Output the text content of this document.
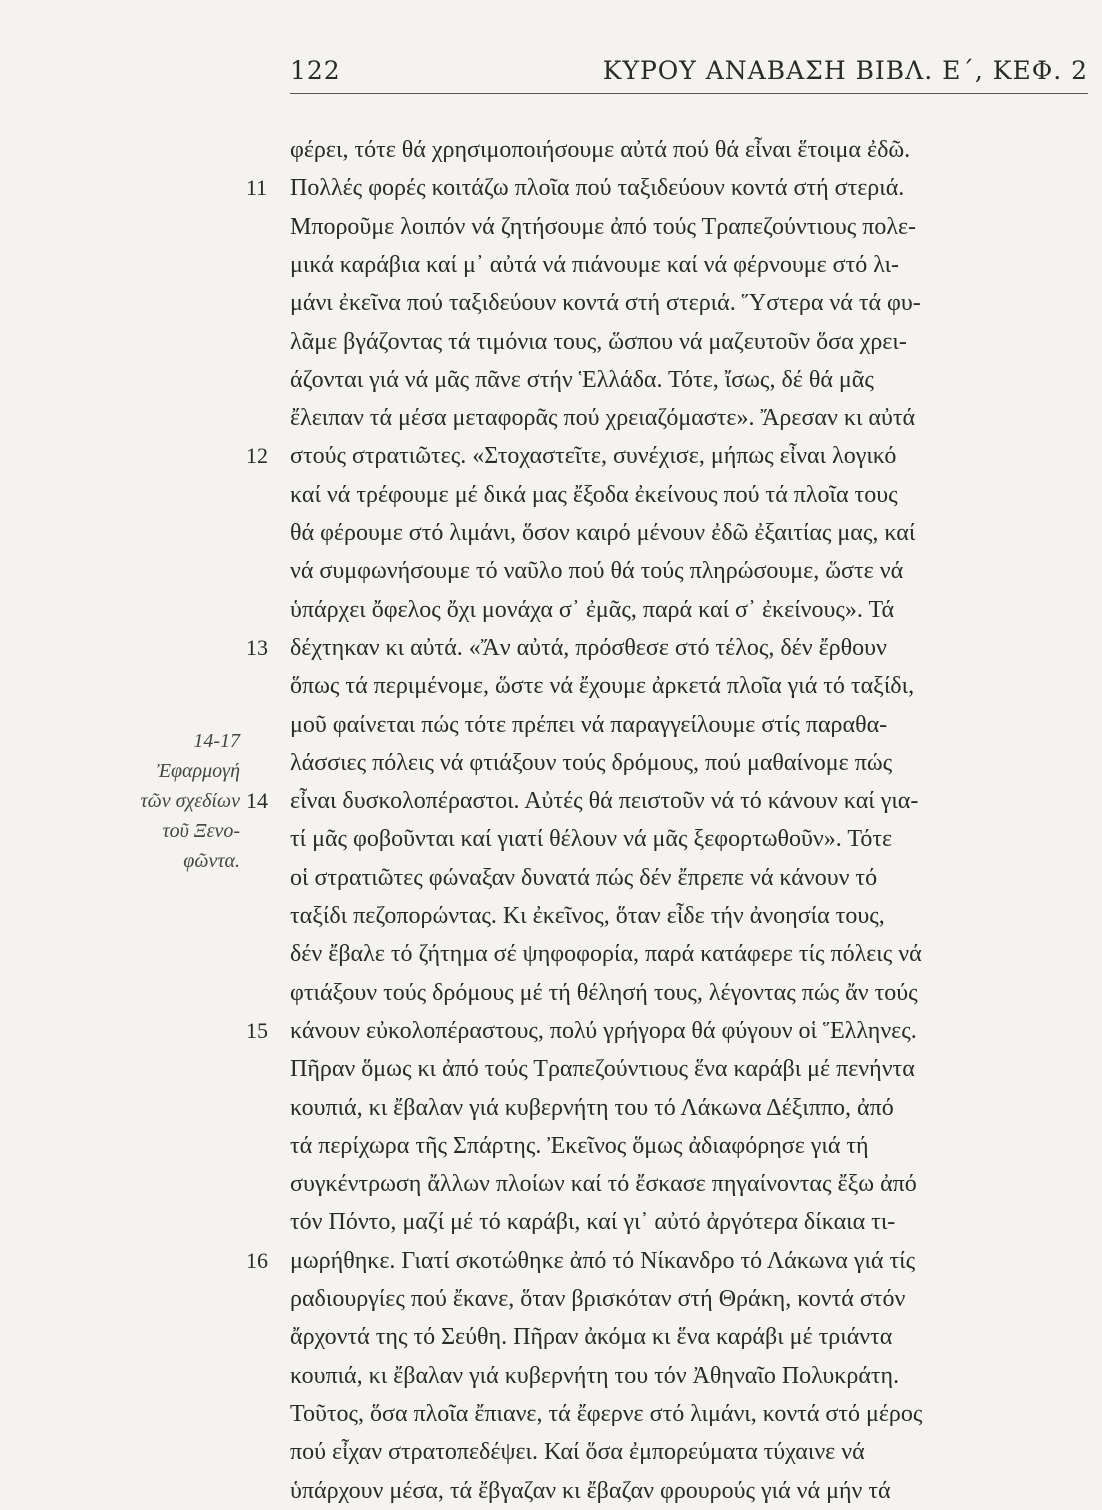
122	ΚΥΡΟΥ ΑΝΑΒΑΣΗ ΒΙΒΛ. Ε΄, ΚΕΦ. 2
14-17
Ἐφαρμογή
τῶν σχεδίων
τοῦ Ξενο-
φῶντα.
φέρει, τότε θά χρησιμοποιήσουμε αὐτά πού θά εἶναι ἕτοιμα ἐδῶ.
Πολλές φορές κοιτάζω πλοῖα πού ταξιδεύουν κοντά στή στεριά.
Μποροῦμε λοιπόν νά ζητήσουμε ἀπό τούς Τραπεζούντιους πολε-
μικά καράβια καί μ᾽ αὐτά νά πιάνουμε καί νά φέρνουμε στό λι-
μάνι ἐκεῖνα πού ταξιδεύουν κοντά στή στεριά. Ὕστερα νά τά φυ-
λᾶμε βγάζοντας τά τιμόνια τους, ὥσπου νά μαζευτοῦν ὅσα χρει-
άζονται γιά νά μᾶς πᾶνε στήν Ἑλλάδα. Τότε, ἴσως, δέ θά μᾶς
ἔλειπαν τά μέσα μεταφορᾶς πού χρειαζόμαστε». Ἄρεσαν κι αὐτά
στούς στρατιῶτες. «Στοχαστεῖτε, συνέχισε, μήπως εἶναι λογικό
καί νά τρέφουμε μέ δικά μας ἔξοδα ἐκείνους πού τά πλοῖα τους
θά φέρουμε στό λιμάνι, ὅσον καιρό μένουν ἐδῶ ἐξαιτίας μας, καί
νά συμφωνήσουμε τό ναῦλο πού θά τούς πληρώσουμε, ὥστε νά
ὑπάρχει ὄφελος ὄχι μονάχα σ᾽ ἐμᾶς, παρά καί σ᾽ ἐκείνους». Τά
δέχτηκαν κι αὐτά. «Ἄν αὐτά, πρόσθεσε στό τέλος, δέν ἔρθουν
ὅπως τά περιμένομε, ὥστε νά ἔχουμε ἀρκετά πλοῖα γιά τό ταξίδι,
μοῦ φαίνεται πώς τότε πρέπει νά παραγγείλουμε στίς παραθα-
λάσσιες πόλεις νά φτιάξουν τούς δρόμους, πού μαθαίνομε πώς
εἶναι δυσκολοπέραστοι. Αὐτές θά πειστοῦν νά τό κάνουν καί για-
τί μᾶς φοβοῦνται καί γιατί θέλουν νά μᾶς ξεφορτωθοῦν». Τότε
οἱ στρατιῶτες φώναξαν δυνατά πώς δέν ἔπρεπε νά κάνουν τό
ταξίδι πεζοπορώντας. Κι ἐκεῖνος, ὅταν εἶδε τήν ἀνοησία τους,
δέν ἔβαλε τό ζήτημα σέ ψηφοφορία, παρά κατάφερε τίς πόλεις νά
φτιάξουν τούς δρόμους μέ τή θέλησή τους, λέγοντας πώς ἄν τούς
κάνουν εὐκολοπέραστους, πολύ γρήγορα θά φύγουν οἱ Ἕλληνες.
Πῆραν ὅμως κι ἀπό τούς Τραπεζούντιους ἕνα καράβι μέ πενήντα
κουπιά, κι ἔβαλαν γιά κυβερνήτη του τό Λάκωνα Δέξιππο, ἀπό
τά περίχωρα τῆς Σπάρτης. Ἐκεῖνος ὅμως ἀδιαφόρησε γιά τή
συγκέντρωση ἄλλων πλοίων καί τό ἔσκασε πηγαίνοντας ἔξω ἀπό
τόν Πόντο, μαζί μέ τό καράβι, καί γι᾽ αὐτό ἀργότερα δίκαια τι-
μωρήθηκε. Γιατί σκοτώθηκε ἀπό τό Νίκανδρο τό Λάκωνα γιά τίς
ραδιουργίες πού ἔκανε, ὅταν βρισκόταν στή Θράκη, κοντά στόν
ἄρχοντά της τό Σεύθη. Πῆραν ἀκόμα κι ἕνα καράβι μέ τριάντα
κουπιά, κι ἔβαλαν γιά κυβερνήτη του τόν Ἀθηναῖο Πολυκράτη.
Τοῦτος, ὅσα πλοῖα ἔπιανε, τά ἔφερνε στό λιμάνι, κοντά στό μέρος
πού εἶχαν στρατοπεδέψει. Καί ὅσα ἐμπορεύματα τύχαινε νά
ὑπάρχουν μέσα, τά ἔβγαζαν κι ἔβαζαν φρουρούς γιά νά μήν τά
11
12
13
14
15
16
